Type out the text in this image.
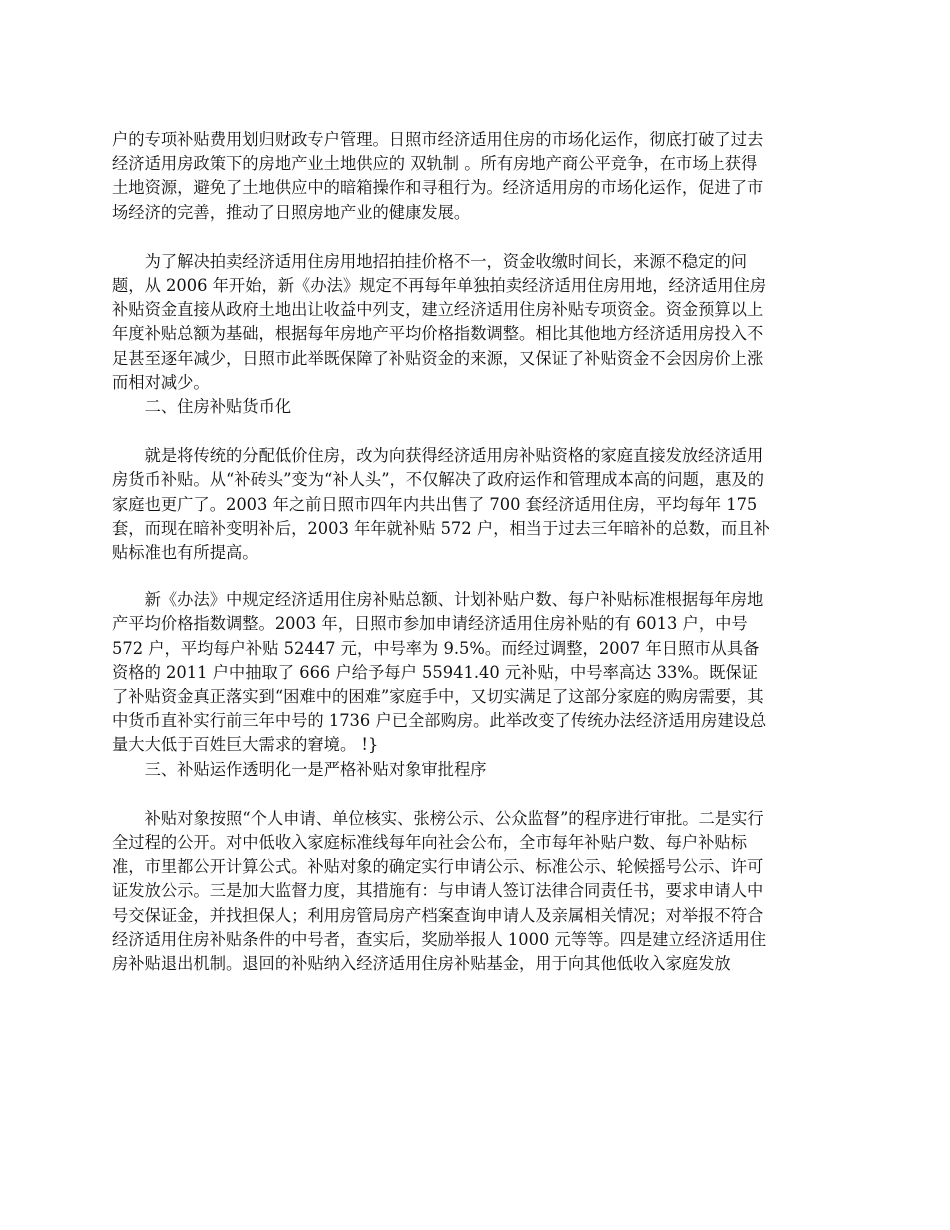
户的专项补贴费用划归财政专户管理。日照市经济适用住房的市场化运作，彻底打破了过去经济适用房政策下的房地产业土地供应的 双轨制 。所有房地产商公平竞争，在市场上获得土地资源，避免了土地供应中的暗箱操作和寻租行为。经济适用房的市场化运作，促进了市场经济的完善，推动了日照房地产业的健康发展。

为了解决拍卖经济适用住房用地招拍挂价格不一，资金收缴时间长，来源不稳定的问题，从 2006 年开始，新《办法》规定不再每年单独拍卖经济适用住房用地，经济适用住房补贴资金直接从政府土地出让收益中列支，建立经济适用住房补贴专项资金。资金预算以上年度补贴总额为基础，根据每年房地产平均价格指数调整。相比其他地方经济适用房投入不足甚至逐年减少，日照市此举既保障了补贴资金的来源，又保证了补贴资金不会因房价上涨而相对减少。

二、住房补贴货币化

就是将传统的分配低价住房，改为向获得经济适用房补贴资格的家庭直接发放经济适用房货币补贴。从“补砖头”变为“补人头”，不仅解决了政府运作和管理成本高的问题，惠及的家庭也更广了。2003 年之前日照市四年内共出售了 700 套经济适用住房，平均每年 175 套，而现在暗补变明补后，2003 年年就补贴 572 户，相当于过去三年暗补的总数，而且补贴标准也有所提高。

新《办法》中规定经济适用住房补贴总额、计划补贴户数、每户补贴标准根据每年房地产平均价格指数调整。2003 年，日照市参加申请经济适用住房补贴的有 6013 户，中号 572 户，平均每户补贴 52447 元，中号率为 9.5%。而经过调整，2007 年日照市从具备资格的 2011 户中抽取了 666 户给予每户 55941.40 元补贴，中号率高达 33%。既保证了补贴资金真正落实到“困难中的困难”家庭手中，又切实满足了这部分家庭的购房需要，其中货币直补实行前三年中号的 1736 户已全部购房。此举改变了传统办法经济适用房建设总量大大低于百姓巨大需求的窘境。 !}

三、补贴运作透明化一是严格补贴对象审批程序

补贴对象按照“个人申请、单位核实、张榜公示、公众监督”的程序进行审批。二是实行全过程的公开。对中低收入家庭标准线每年向社会公布，全市每年补贴户数、每户补贴标准，市里都公开计算公式。补贴对象的确定实行申请公示、标准公示、轮候摇号公示、许可证发放公示。三是加大监督力度，其措施有：与申请人签订法律合同责任书，要求申请人中号交保证金，并找担保人；利用房管局房产档案查询申请人及亲属相关情况；对举报不符合经济适用住房补贴条件的中号者，查实后，奖励举报人 1000 元等等。四是建立经济适用住房补贴退出机制。退回的补贴纳入经济适用住房补贴基金，用于向其他低收入家庭发放
